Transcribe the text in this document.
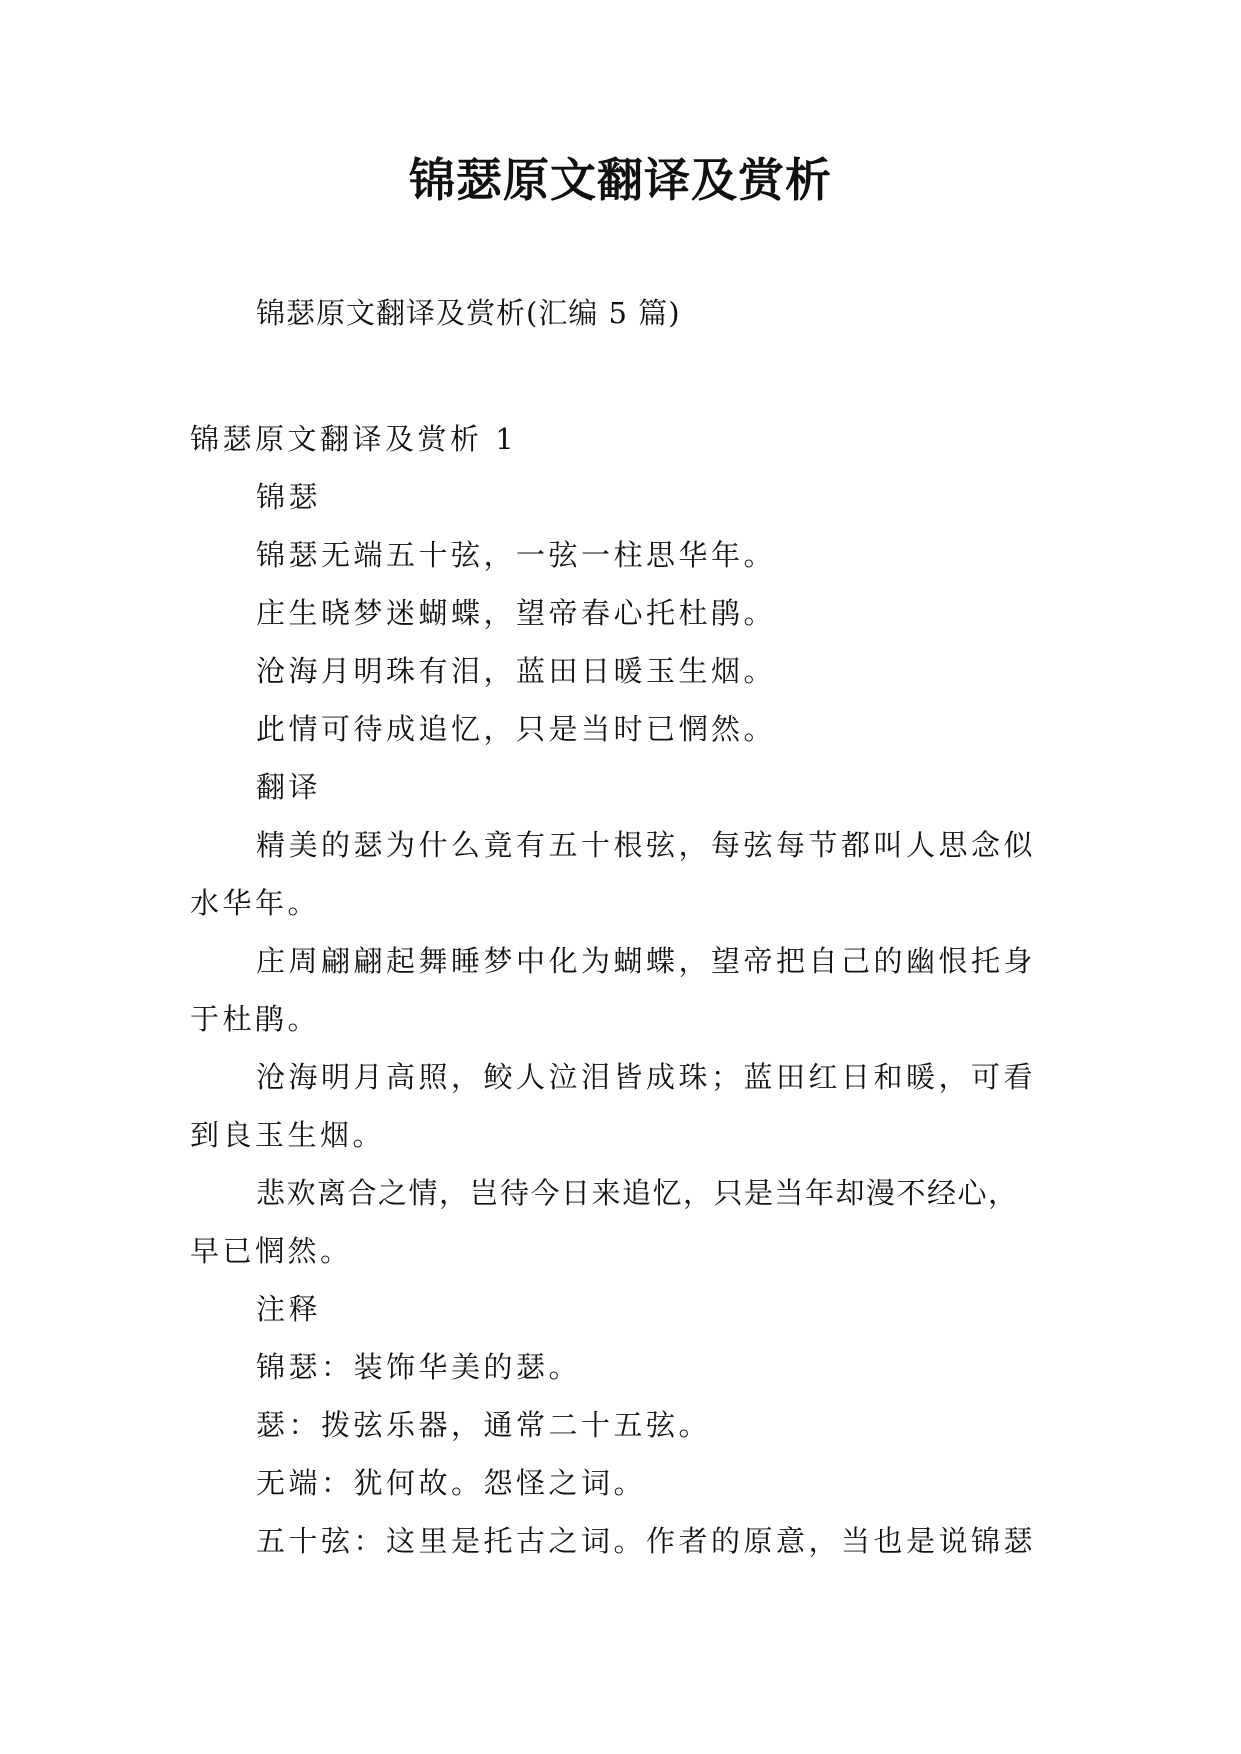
锦瑟原文翻译及赏析
锦瑟原文翻译及赏析(汇编 5 篇)
锦瑟原文翻译及赏析 1
锦瑟
锦瑟无端五十弦，一弦一柱思华年。
庄生晓梦迷蝴蝶，望帝春心托杜鹃。
沧海月明珠有泪，蓝田日暖玉生烟。
此情可待成追忆，只是当时已惘然。
翻译
精美的瑟为什么竟有五十根弦，每弦每节都叫人思念似
水华年。
庄周翩翩起舞睡梦中化为蝴蝶，望帝把自己的幽恨托身
于杜鹃。
沧海明月高照，鲛人泣泪皆成珠；蓝田红日和暖，可看
到良玉生烟。
悲欢离合之情，岂待今日来追忆，只是当年却漫不经心，
早已惘然。
注释
锦瑟：装饰华美的瑟。
瑟：拨弦乐器，通常二十五弦。
无端：犹何故。怨怪之词。
五十弦：这里是托古之词。作者的原意，当也是说锦瑟
